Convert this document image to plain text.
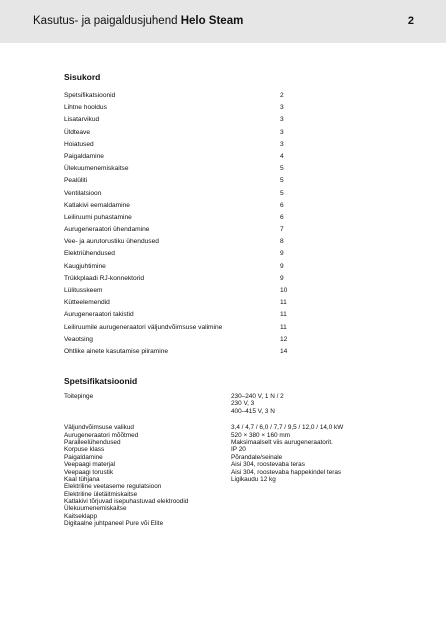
Kasutus- ja paigaldusjuhend Helo Steam	2
Sisukord
Spetsifikatsioonid	2
Lihtne hooldus	3
Lisatarvikud	3
Üldteave	3
Hoiatused	3
Paigaldamine	4
Ülekuumenemiskaitse	5
Pealüliti	5
Ventilatsioon	5
Katlakivi eemaldamine	6
Leiliruumi puhastamine	6
Aurugeneraatori ühendamine	7
Vee- ja aurutorustiku ühendused	8
Elektriühendused	9
Kaugjuhtimine	9
Trükkplaadi RJ-konnektorid	9
Lülitusskeem	10
Kütteelemendid	11
Aurugeneraatori takistid	11
Leiliruumile aurugeneraatori väljundvõimsuse valimine	11
Veaotsing	12
Ohtlike ainete kasutamise piiramine	14
Spetsifikatsioonid
Toitepinge	230–240 V, 1 N / 2
230 V, 3
400–415 V, 3 N
Väljundvõimsuse valikud	3,4 / 4,7 / 6,0 / 7,7 / 9,5 / 12,0 / 14,0 kW
Aurugeneraatori mõõtmed	520 × 380 × 160 mm
Paralleelühendused	Maksimaalselt viis aurugeneraatorit.
Korpuse klass	IP 20
Paigaldamine	Põrandale/seinale
Veepaagi materjal	Aisi 304, roostevaba teras
Veepaagi torustik	Aisi 304, roostevaba happekindel teras
Kaal tühjana	Ligikaudu 12 kg
Elektriline veetaseme regulatsioon
Elektriline ületäitmiskaitse
Katlakivi tõrjuvad isepuhastuvad elektroodid
Ülekuumenemiskaitse
Kaitseklapp
Digitaalne juhtpaneel Pure või Elite
